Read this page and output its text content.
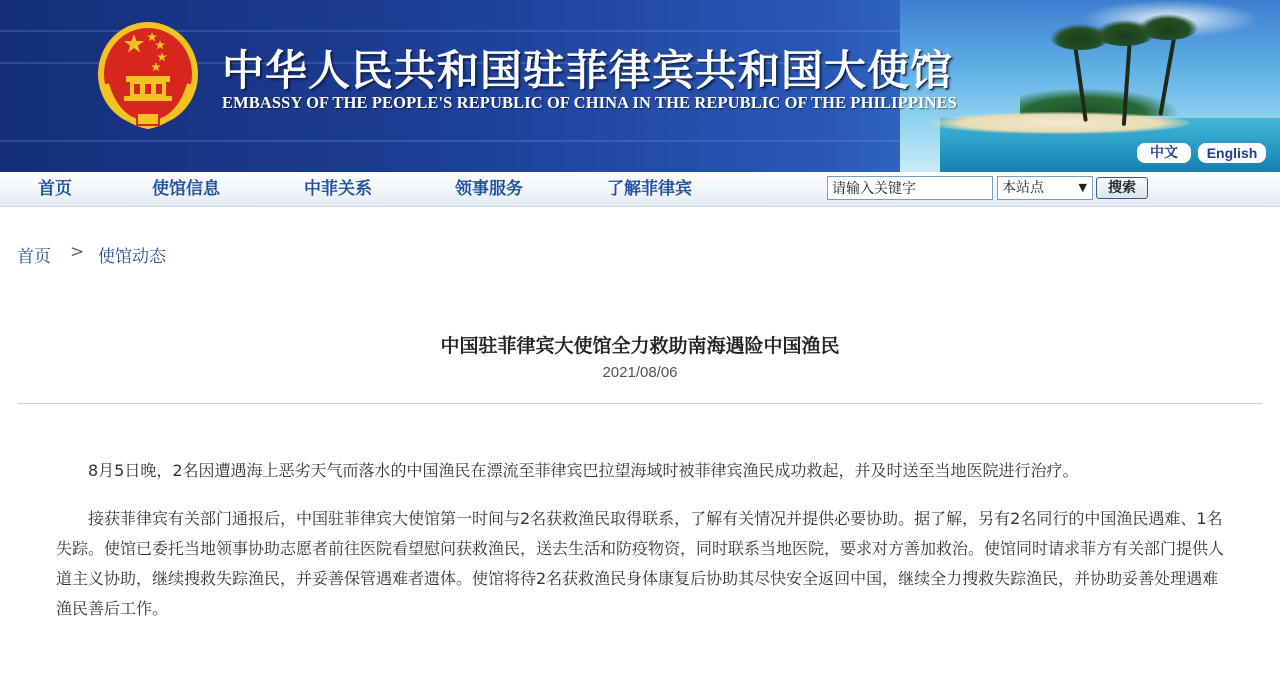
中华人民共和国驻菲律宾共和国大使馆
EMBASSY OF THE PEOPLE'S REPUBLIC OF CHINA IN THE REPUBLIC OF THE PHILIPPINES
中文	English
首页	使馆信息	中菲关系	领事服务	了解菲律宾
请输入关键字	本站点	▼	搜索
首页 > 使馆动态
中国驻菲律宾大使馆全力救助南海遇险中国渔民
2021/08/06

8月5日晚，2名因遭遇海上恶劣天气而落水的中国渔民在漂流至菲律宾巴拉望海域时被菲律宾渔民成功救起，并及时送至当地医院进行治疗。

接获菲律宾有关部门通报后，中国驻菲律宾大使馆第一时间与2名获救渔民取得联系，了解有关情况并提供必要协助。据了解，另有2名同行的中国渔民遇难、1名失踪。使馆已委托当地领事协助志愿者前往医院看望慰问获救渔民，送去生活和防疫物资，同时联系当地医院，要求对方善加救治。使馆同时请求菲方有关部门提供人道主义协助，继续搜救失踪渔民，并妥善保管遇难者遗体。使馆将待2名获救渔民身体康复后协助其尽快安全返回中国，继续全力搜救失踪渔民，并协助妥善处理遇难渔民善后工作。
